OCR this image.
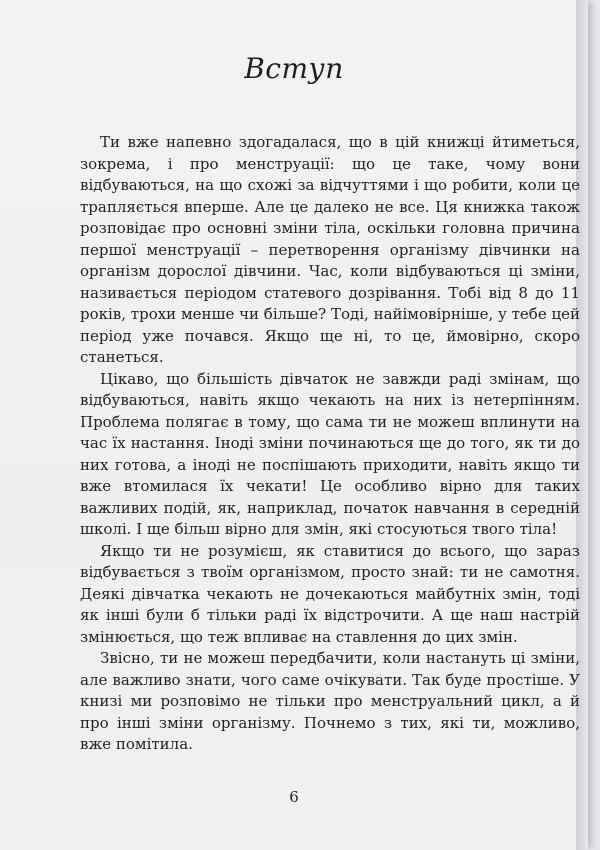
Вступ

Ти вже напевно здогадалася, що в цій книжці йтиметься, зокрема, і про менструації: що це таке, чому вони відбуваються, на що схожі за відчуттями і що робити, коли це трапляється вперше. Але це далеко не все. Ця книжка також розповідає про основні зміни тіла, оскільки головна причина першої менструації – перетворення організму дівчинки на організм дорослої дівчини. Час, коли відбуваються ці зміни, називається періодом статевого дозрівання. Тобі від 8 до 11 років, трохи менше чи більше? Тоді, найімовірніше, у тебе цей період уже почався. Якщо ще ні, то це, ймовірно, скоро станеться.

Цікаво, що більшість дівчаток не завжди раді змінам, що відбуваються, навіть якщо чекають на них із нетерпінням. Проблема полягає в тому, що сама ти не можеш вплинути на час їх настання. Іноді зміни починаються ще до того, як ти до них готова, а іноді не поспішають приходити, навіть якщо ти вже втомилася їх чекати! Це особливо вірно для таких важливих подій, як, наприклад, початок навчання в середній школі. І ще більш вірно для змін, які стосуються твого тіла!

Якщо ти не розумієш, як ставитися до всього, що зараз відбувається з твоїм організмом, просто знай: ти не самотня. Деякі дівчатка чекають не дочекаються майбутніх змін, тоді як інші були б тільки раді їх відстрочити. А ще наш настрій змінюється, що теж впливає на ставлення до цих змін.

Звісно, ти не можеш передбачити, коли настануть ці зміни, але важливо знати, чого саме очікувати. Так буде простіше. У книзі ми розповімо не тільки про менструальний цикл, а й про інші зміни організму. Почнемо з тих, які ти, можливо, вже помітила.

6
